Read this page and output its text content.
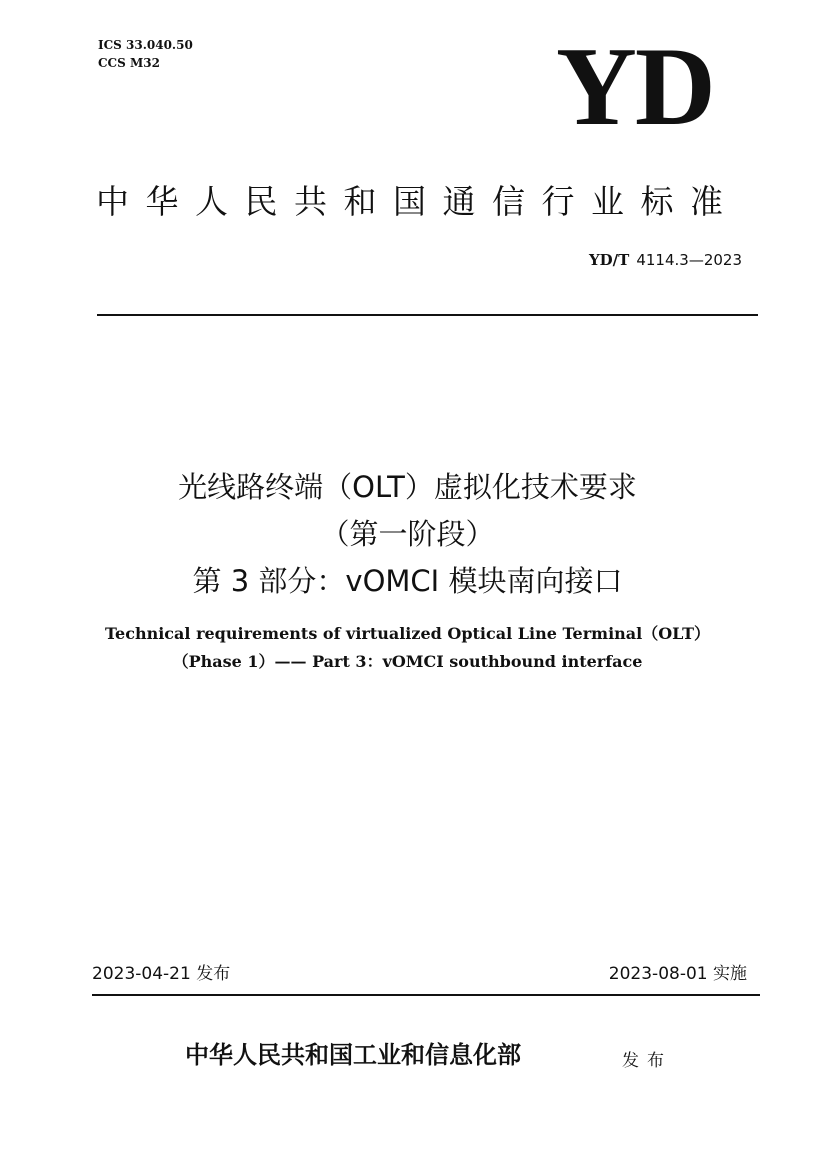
ICS 33.040.50
CCS M32	YD
中华人民共和国通信行业标准
YD/T 4114.3—2023
光线路终端（OLT）虚拟化技术要求
（第一阶段）
第 3 部分：vOMCI 模块南向接口
Technical requirements of virtualized Optical Line Terminal（OLT）
（Phase 1）—— Part 3：vOMCI southbound interface
2023-04-21 发布	2023-08-01 实施
中华人民共和国工业和信息化部	发布
